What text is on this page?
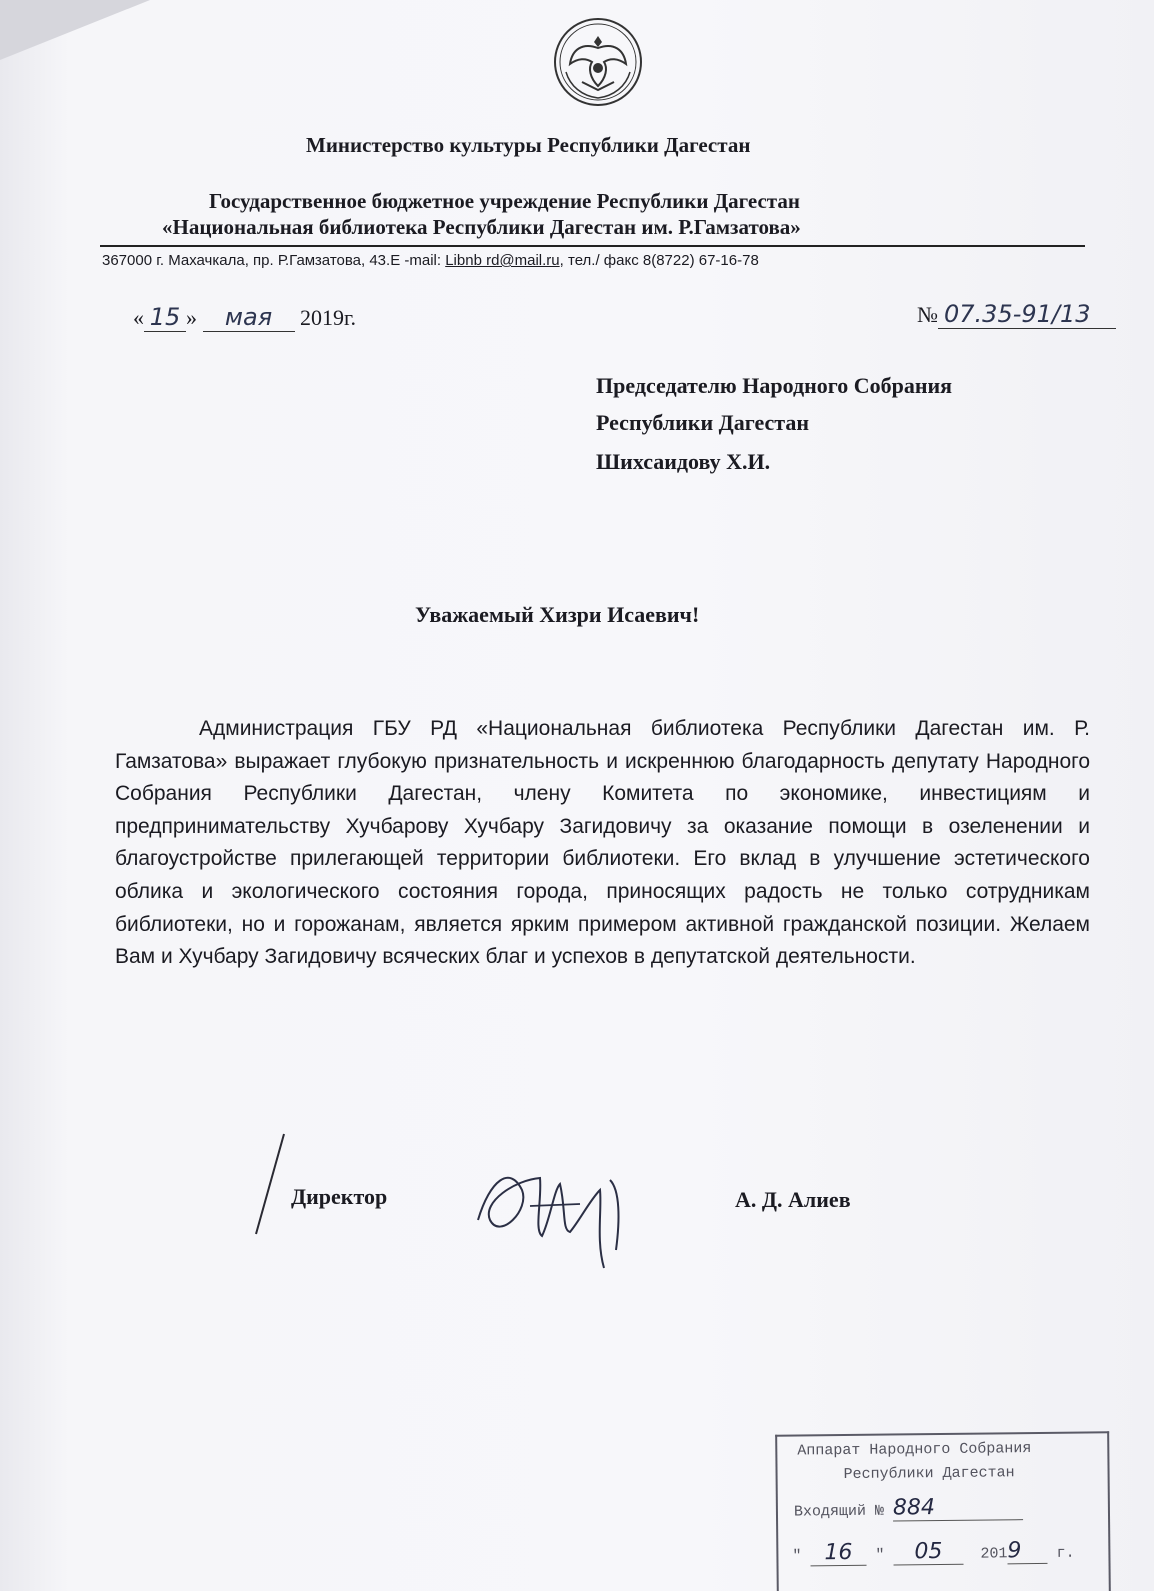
Министерство культуры Республики Дагестан
Государственное бюджетное учреждение Республики Дагестан
«Национальная библиотека Республики Дагестан им. Р.Гамзатова»
367000 г. Махачкала, пр. Р.Гамзатова, 43.Е -mail: Libnb rd@mail.ru, тел./ факс 8(8722) 67-16-78
« 15 » мая 2019г.	№ 07.35-91/13
Председателю Народного Собрания
Республики Дагестан
Шихсаидову Х.И.
Уважаемый Хизри Исаевич!
Администрация ГБУ РД «Национальная библиотека Республики Дагестан им. Р. Гамзатова» выражает глубокую признательность и искреннюю благодарность депутату Народного Собрания Республики Дагестан, члену Комитета по экономике, инвестициям и предпринимательству Хучбарову Хучбару Загидовичу за оказание помощи в озеленении и благоустройстве прилегающей территории библиотеки. Его вклад в улучшение эстетического облика и экологического состояния города, приносящих радость не только сотрудникам библиотеки, но и горожанам, является ярким примером активной гражданской позиции. Желаем Вам и Хучбару Загидовичу всяческих благ и успехов в депутатской деятельности.
Директор	А. Д. Алиев
Аппарат Народного Собрания
Республики Дагестан
Входящий № 884
" 16 " 05	2019 г.
